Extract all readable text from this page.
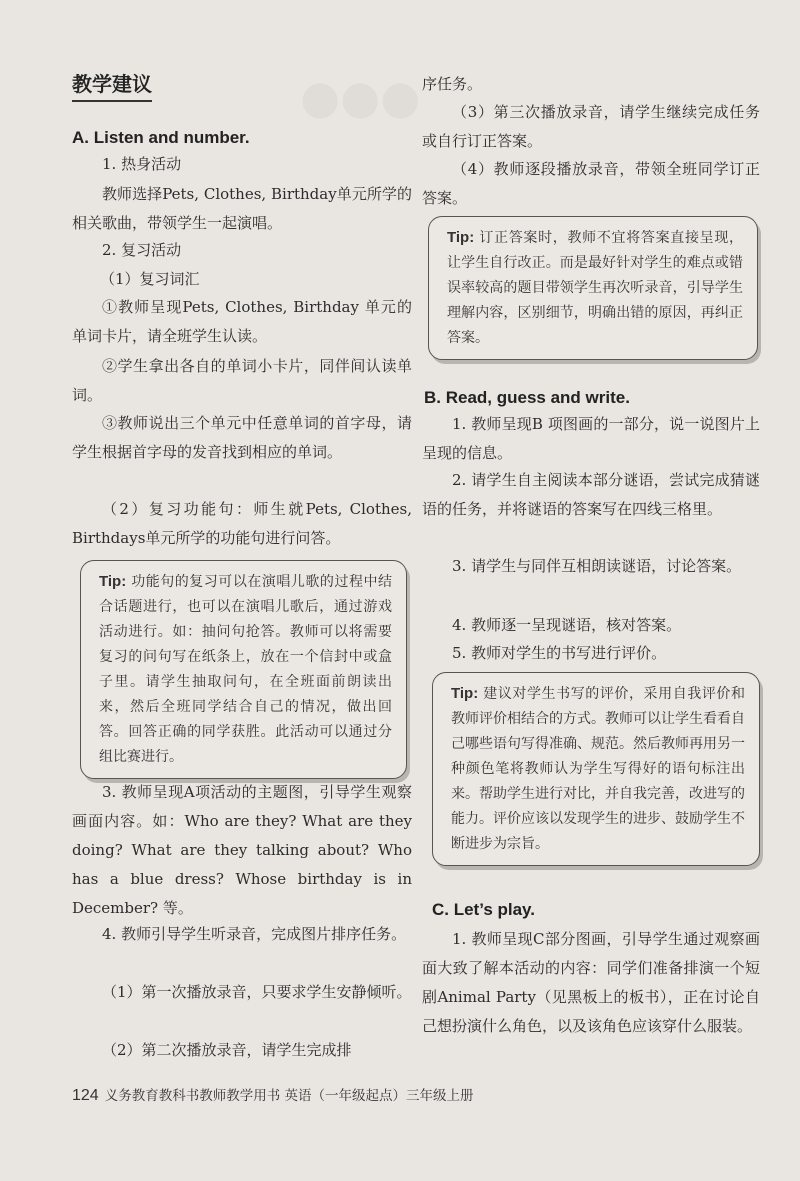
●●●
教学建议
A. Listen and number.
1. 热身活动
教师选择Pets, Clothes, Birthday单元所学的相关歌曲，带领学生一起演唱。
2. 复习活动
（1）复习词汇
①教师呈现Pets, Clothes, Birthday 单元的单词卡片，请全班学生认读。
②学生拿出各自的单词小卡片，同伴间认读单词。
③教师说出三个单元中任意单词的首字母，请学生根据首字母的发音找到相应的单词。
（2）复习功能句：师生就Pets, Clothes, Birthdays单元所学的功能句进行问答。
Tip: 功能句的复习可以在演唱儿歌的过程中结合话题进行，也可以在演唱儿歌后，通过游戏活动进行。如：抽问句抢答。教师可以将需要复习的问句写在纸条上，放在一个信封中或盒子里。请学生抽取问句，在全班面前朗读出来，然后全班同学结合自己的情况，做出回答。回答正确的同学获胜。此活动可以通过分组比赛进行。
3. 教师呈现A项活动的主题图，引导学生观察画面内容。如：Who are they? What are they doing? What are they talking about? Who has a blue dress? Whose birthday is in December? 等。
4. 教师引导学生听录音，完成图片排序任务。
（1）第一次播放录音，只要求学生安静倾听。
（2）第二次播放录音，请学生完成排
序任务。
（3）第三次播放录音，请学生继续完成任务或自行订正答案。
（4）教师逐段播放录音，带领全班同学订正答案。
Tip: 订正答案时，教师不宜将答案直接呈现，让学生自行改正。而是最好针对学生的难点或错误率较高的题目带领学生再次听录音，引导学生理解内容，区别细节，明确出错的原因，再纠正答案。
B. Read, guess and write.
1. 教师呈现B 项图画的一部分，说一说图片上呈现的信息。
2. 请学生自主阅读本部分谜语，尝试完成猜谜语的任务，并将谜语的答案写在四线三格里。
3. 请学生与同伴互相朗读谜语，讨论答案。
4. 教师逐一呈现谜语，核对答案。
5. 教师对学生的书写进行评价。
Tip: 建议对学生书写的评价，采用自我评价和教师评价相结合的方式。教师可以让学生看看自己哪些语句写得准确、规范。然后教师再用另一种颜色笔将教师认为学生写得好的语句标注出来。帮助学生进行对比，并自我完善，改进写的能力。评价应该以发现学生的进步、鼓励学生不断进步为宗旨。
C. Let’s play.
1. 教师呈现C部分图画，引导学生通过观察画面大致了解本活动的内容：同学们准备排演一个短剧Animal Party（见黑板上的板书），正在讨论自己想扮演什么角色，以及该角色应该穿什么服装。
124 义务教育教科书教师教学用书 英语（一年级起点）三年级上册
